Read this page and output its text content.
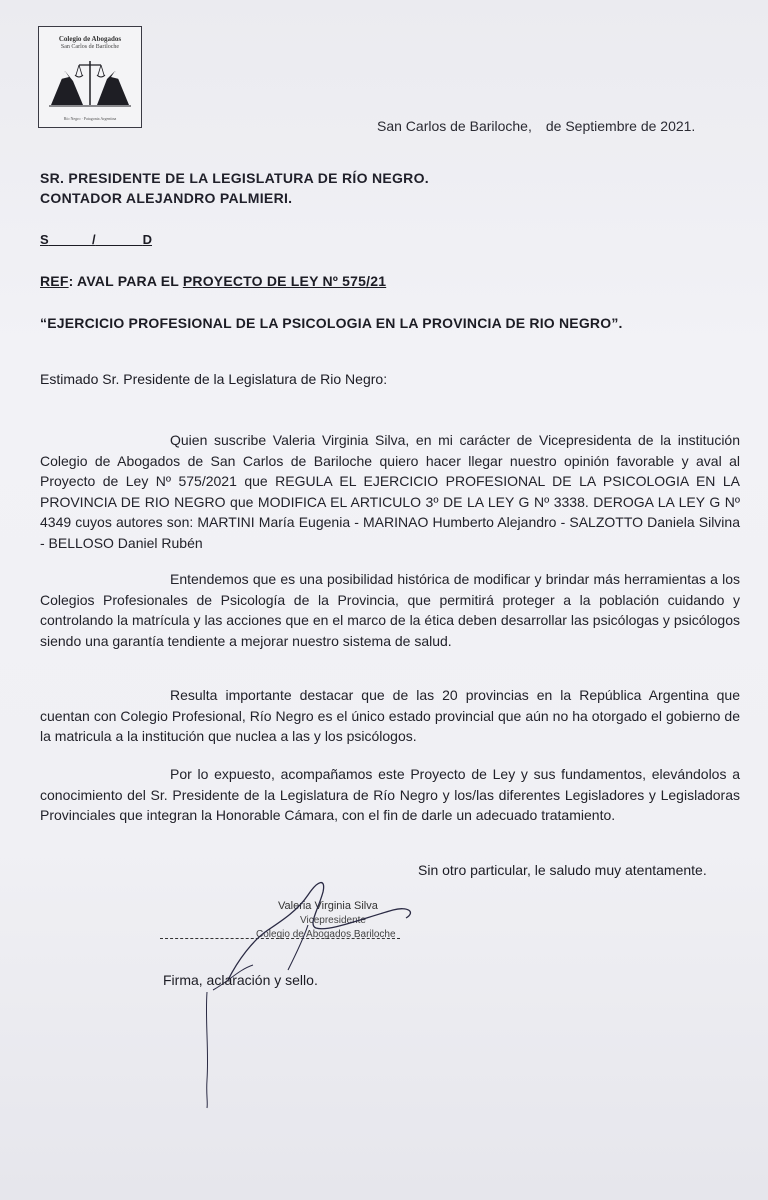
Colegio de Abogados
San Carlos de Bariloche
Río Negro · Patagonia Argentina	San Carlos de Bariloche, de Septiembre de 2021.
SR. PRESIDENTE DE LA LEGISLATURA DE RÍO NEGRO.
CONTADOR ALEJANDRO PALMIERI.
S	/	D
REF: AVAL PARA EL PROYECTO DE LEY Nº 575/21
“EJERCICIO PROFESIONAL DE LA PSICOLOGIA EN LA PROVINCIA DE RIO NEGRO”.
Estimado Sr. Presidente de la Legislatura de Rio Negro:
Quien suscribe Valeria Virginia Silva, en mi carácter de Vicepresidenta de la institución Colegio de Abogados de San Carlos de Bariloche quiero hacer llegar nuestro opinión favorable y aval al Proyecto de Ley Nº 575/2021 que REGULA EL EJERCICIO PROFESIONAL DE LA PSICOLOGIA EN LA PROVINCIA DE RIO NEGRO que MODIFICA EL ARTICULO 3º DE LA LEY G Nº 3338. DEROGA LA LEY G Nº 4349 cuyos autores son: MARTINI María Eugenia - MARINAO Humberto Alejandro - SALZOTTO Daniela Silvina - BELLOSO Daniel Rubén
Entendemos que es una posibilidad histórica de modificar y brindar más herramientas a los Colegios Profesionales de Psicología de la Provincia, que permitirá proteger a la población cuidando y controlando la matrícula y las acciones que en el marco de la ética deben desarrollar las psicólogas y psicólogos siendo una garantía tendiente a mejorar nuestro sistema de salud.
Resulta importante destacar que de las 20 provincias en la República Argentina que cuentan con Colegio Profesional, Río Negro es el único estado provincial que aún no ha otorgado el gobierno de la matricula a la institución que nuclea a las y los psicólogos.
Por lo expuesto, acompañamos este Proyecto de Ley y sus fundamentos, elevándolos a conocimiento del Sr. Presidente de la Legislatura de Río Negro y los/las diferentes Legisladores y Legisladoras Provinciales que integran la Honorable Cámara, con el fin de darle un adecuado tratamiento.
Sin otro particular, le saludo muy atentamente.
Valeria Virginia Silva
Vicepresidente
Colegio de Abogados Bariloche
Firma, aclaración y sello.
